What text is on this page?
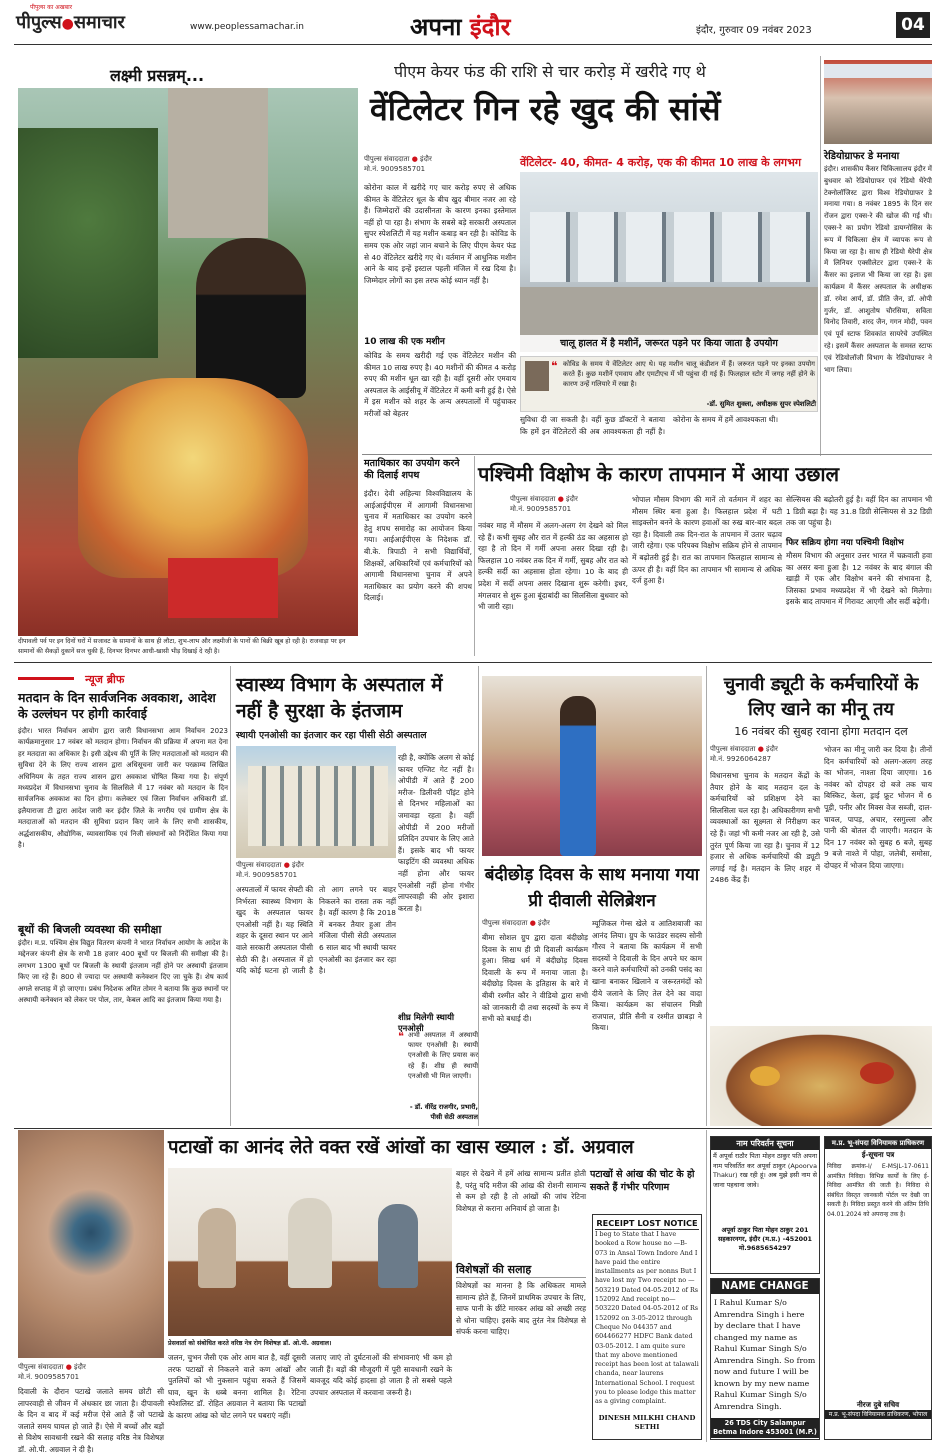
पीपुल्स●समाचार
पीपुल्स का अखबार
www.peoplessamachar.in	अपना इंदौर	इंदौर, गुरुवार 09 नवंबर 2023	04
लक्ष्मी प्रसन्नम्...
दीपावली पर्व पर इन दिनों घरों में सजावट के सामानों के साथ ही लौटा, शुभ-लाभ और लक्ष्मीजी के पानों की बिक्री खूब हो रही है। राजवाड़ा पर इन सामानों की सैकड़ों दुकानें सज चुकी हैं, दिनभर दिनभर आधी-खासी भीड़ दिखाई दे रही है।
पीएम केयर फंड की राशि से चार करोड़ में खरीदे गए थे
वेंटिलेटर गिन रहे खुद की सांसें
पीपुल्स संवाददाता ● इंदौर
मो.नं. 9009585701	वेंटिलेटर- 40, कीमत- 4 करोड़, एक की कीमत 10 लाख के लगभग
कोरोना काल में खरीदे गए चार करोड़ रुपए से अधिक कीमत के वेंटिलेटर धूल के बीच खुद बीमार नजर आ रहे हैं। जिम्मेदारों की उदासीनता के कारण इनका इस्तेमाल नहीं हो पा रहा है। संभाग के सबसे बड़े सरकारी अस्पताल सुपर स्पेशलिटी में यह मशीन कबाड़ बन रही है। कोविड के समय एक ओर जहां जान बचाने के लिए पीएम केयर फंड से 40 वेंटिलेटर खरीदे गए थे। वर्तमान में आधुनिक मशीन आने के बाद इन्हें इस्टाल पहली मंजिल में रख दिया है। जिम्मेदार लोगों का इस तरफ कोई ध्यान नहीं है।
10 लाख की एक मशीन
कोविड के समय खरीदी गई एक वेंटिलेटर मशीन की कीमत 10 लाख रुपए है। 40 मशीनों की कीमत 4 करोड़ रुपए की मशीन धूल खा रही है। वहीं दूसरी ओर एमवाय अस्पताल के आईसीयू में वेंटिलेटर में कमी बनी हुई है। ऐसे में इस मशीन को शहर के अन्य अस्पतालों में पहुंचाकर मरीजों को बेहतर
चालू हालत में है मशीनें, जरूरत पड़ने पर किया जाता है उपयोग
❝ कोविड के समय ये वेंटिलेटर आए थे। यह मशीन चालू कंडीशन में हैं। जरूरत पड़ने पर इनका उपयोग करते हैं। कुछ मशीनें एमवाय और एमटीएच में भी पहुंचा दी गई हैं। फिलहाल स्टोर में जगह नहीं होने के कारण उन्हें गलियारे में रखा है।
-डॉ. सुमित शुक्ला, अधीक्षक सुपर स्पेशलिटी
सुविधा दी जा सकती है। वहीं कुछ डॉक्टरों ने बताया कि हमें इन वेंटिलेटरों की अब आवश्यकता ही नहीं है। कोरोना के समय में हमें आवश्यकता थी।
रेडियोग्राफर डे मनाया
इंदौर। शासकीय कैंसर चिकित्सालय इंदौर में बुधवार को रेडियोग्राफर एवं रेडियो थैरेपी टेक्नोलॉजिस्ट द्वारा विश्व रेडियोग्राफर डे मनाया गया। 8 नवंबर 1895 के दिन सर रोंजन द्वारा एक्स-रे की खोज की गई थी। एक्स-रे का प्रयोग रेडियो डायग्नोसिस के रूप में चिकित्सा क्षेत्र में व्यापक रूप से किया जा रहा है। साथ ही रेडियो थैरेपी क्षेत्र में लिनियर एक्सीलेटर द्वारा एक्स-रे के कैंसर का इलाज भी किया जा रहा है। इस कार्यक्रम में कैंसर अस्पताल के अधीक्षक डॉ. रमेश आर्य, डॉ. प्रीति जैन, डॉ. ओपी गुर्जर, डॉ. आशुतोष चौरसिया, सविता विनोद तिवारी, शरद जैन, गगन मोदी, पवन एवं पूर्व स्टाफ शिवकांत सायरेचे उपस्थित रहे। इसमें कैंसर अस्पताल के समस्त स्टाफ एवं रेडियोलॉजी विभाग के रेडियोग्राफर ने भाग लिया।
मताधिकार का उपयोग करने की दिलाई शपथ
इंदौर। देवी अहिल्या विश्वविद्यालय के आईआईपीएस में आगामी विधानसभा चुनाव में मताधिकार का उपयोग करने हेतु शपथ समारोह का आयोजन किया गया। आईआईपीएस के निदेशक डॉ. बी.के. त्रिपाठी ने सभी विद्यार्थियों, शिक्षकों, अधिकारियों एवं कर्मचारियों को आगामी विधानसभा चुनाव में अपने मताधिकार का प्रयोग करने की शपथ दिलाई।
पश्चिमी विक्षोभ के कारण तापमान में आया उछाल
पीपुल्स संवाददाता ● इंदौर
मो.नं. 9009585701
नवंबर माह में मौसम में अलग-अलग रंग देखने को मिल रहे हैं। कभी सुबह और रात में हल्की ठंड का अहसास हो रहा है तो दिन में गर्मी अपना असर दिखा रही है। फिलहाल 10 नवंबर तक दिन में गर्मी, सुबह और रात को हल्की सर्दी का अहसास होता रहेगा। 10 के बाद ही प्रदेश में सर्दी अपना असर दिखाना शुरू करेगी। इधर, मंगलवार से शुरू हुआ बूंदाबांदी का सिलसिला बुधवार को भी जारी रहा।
भोपाल मौसम विभाग की मानें तो वर्तमान में शहर का मौसम स्थिर बना हुआ है। फिलहाल प्रदेश में घटी साइक्लोन बनने के कारण हवाओं का रुख बार-बार बदल रहा है। दिवाली तक दिन-रात के तापमान में उतार चढ़ाव जारी रहेगा। एक परिपक्व विक्षोभ सक्रिय होने से तापमान में बढ़ोतरी हुई है। रात का तापमान फिलहाल सामान्य से ऊपर ही है। वहीं दिन का तापमान भी सामान्य से अधिक दर्ज हुआ है।
सेल्सियस की बढ़ोतरी हुई है। वहीं दिन का तापमान भी 1 डिग्री बढ़ा है। यह 31.8 डिग्री सेल्सियस से 32 डिग्री तक जा पहुंचा है।
फिर सक्रिय होगा नया पश्चिमी विक्षोभ
मौसम विभाग की अनुसार उत्तर भारत में चक्रवाती हवा का असर बना हुआ है। 12 नवंबर के बाद बंगाल की खाड़ी में एक और विक्षोभ बनने की संभावना है, जिसका प्रभाव मध्यप्रदेश में भी देखने को मिलेगा। इसके बाद तापमान में गिरावट आएगी और सर्दी बढ़ेगी।
न्यूज ब्रीफ
मतदान के दिन सार्वजनिक अवकाश, आदेश के उल्लंघन पर होगी कार्रवाई
इंदौर। भारत निर्वाचन आयोग द्वारा जारी विधानसभा आम निर्वाचन 2023 कार्यक्रमानुसार 17 नवंबर को मतदान होगा। निर्वाचन की प्रक्रिया में अपना मत देना हर मतदाता का अधिकार है। इसी उद्देश्य की पूर्ति के लिए मतदाताओं को मतदान की सुविधा देने के लिए राज्य शासन द्वारा अधिसूचना जारी कर परक्राम्य लिखित अधिनियम के तहत राज्य शासन द्वारा अवकाश घोषित किया गया है। संपूर्ण मध्यप्रदेश में विधानसभा चुनाव के सिलसिले में 17 नवंबर को मतदान के दिन सार्वजनिक अवकाश का दिन होगा। कलेक्टर एवं जिला निर्वाचन अधिकारी डॉ. इलैयाराजा टी द्वारा आदेश जारी कर इंदौर जिले के नगरीय एवं ग्रामीण क्षेत्र के मतदाताओं को मतदान की सुविधा प्रदान किए जाने के लिए सभी शासकीय, अर्द्धशासकीय, औद्योगिक, व्यावसायिक एवं निजी संस्थानों को निर्देशित किया गया है।
बूथों की बिजली व्यवस्था की समीक्षा
इंदौर। म.प्र. पश्चिम क्षेत्र विद्युत वितरण कंपनी ने भारत निर्वाचन आयोग के आदेश के मद्देनजर कंपनी क्षेत्र के सभी 18 हजार 400 बूथों पर बिजली की समीक्षा की है। लगभग 1300 बूथों पर बिजली के स्थायी इंतजाम नहीं होने पर अस्थायी इंतजाम किए जा रहे हैं। 800 से ज्यादा पर अस्थायी कनेक्शन दिए जा चुके हैं। शेष कार्य अगले सप्ताह में हो जाएगा। प्रबंध निदेशक अमित तोमर ने बताया कि कुछ स्थानों पर अस्थायी कनेक्शन को लेकर पर पोल, तार, केबल आदि का इंतजाम किया गया है।
स्वास्थ्य विभाग के अस्पताल में नहीं है सुरक्षा के इंतजाम
स्थायी एनओसी का इंतजार कर रहा पीसी सेठी अस्पताल
पीपुल्स संवाददाता ● इंदौर
मो.नं. 9009585701
अस्पतालों में फायर सेफ्टी की निर्भरता स्वास्थ्य विभाग के खुद के अस्पताल फायर एनओसी नहीं है। यह स्थिति शहर के दूसरा स्थान पर आने वाले सरकारी अस्पताल पीसी सेठी की है। अस्पताल में हो यदि कोई घटना हो जाती है तो आग लगने पर बाहर निकलने का रास्ता तक नहीं है। वहीं कारण है कि 2018 में बनकर तैयार हुआ तीन मंजिला पीसी सेठी अस्पताल 6 साल बाद भी स्थायी फायर एनओसी का इंतजार कर रहा है।
रही है, क्योंकि अलग से कोई फायर एग्जिट गेट नहीं है। ओपीडी में आते हैं 200 मरीज- डिलीवरी पॉइंट होने से दिनभर महिलाओं का जमावड़ा रहता है। वहीं ओपीडी में 200 मरीजों प्रतिदिन उपचार के लिए आते हैं। इसके बाद भी फायर फाइटिंग की व्यवस्था अधिक नहीं होना और फायर एनओसी नहीं होना गंभीर लापरवाही की ओर इशारा करता है।
शीघ्र मिलेगी स्थायी एनओसी
❝ अभी अस्पताल में अस्थायी फायर एनओसी है। स्थायी एनओसी के लिए प्रयास कर रहे हैं। शीघ्र ही स्थायी एनओसी भी मिल जाएगी।
- डॉ. वीरेंद्र राजगीर, प्रभारी, पीसी सेठी अस्पताल
बंदीछोड़ दिवस के साथ मनाया गया प्री दीवाली सेलिब्रेशन
पीपुल्स संवाददाता ● इंदौर
बीमा सोशल ग्रुप द्वारा दाता बंदीछोड़ दिवस के साथ ही प्री दिवाली कार्यक्रम हुआ। सिख धर्म में बंदीछोड़ दिवस दिवाली के रूप में मनाया जाता है। बंदीछोड़ दिवस के इतिहास के बारे में बीबी रश्मीत कौर ने वीडियो द्वारा सभी को जानकारी दी तथा सदस्यों के रूप में सभी को बधाई दी।
म्यूजिकल गेम्स खेले व आतिशबाजी का आनंद लिया। ग्रुप के फाउंडर सदस्य सोनी गौरव ने बताया कि कार्यक्रम में सभी सदस्यों ने दिवाली के दिन अपने घर काम करने वाले कर्मचारियों को उनकी पसंद का खाना बनाकर खिलाने व जरूरतमंदों को दीये जलाने के लिए तेल देने का वादा किया। कार्यक्रम का संचालन मिन्नी राजपाल, प्रीति सैनी व रश्मीत छाबड़ा ने किया।
चुनावी ड्यूटी के कर्मचारियों के लिए खाने का मीनू तय
16 नवंबर की सुबह रवाना होगा मतदान दल
पीपुल्स संवाददाता ● इंदौर
मो.नं. 9926064287
विधानसभा चुनाव के मतदान केंद्रों के तैयार होने के बाद मतदान दल के कर्मचारियों को प्रशिक्षण देने का सिलसिला चल रहा है। अधिकारीगण सभी व्यवस्थाओं का सूक्ष्मता से निरीक्षण कर रहे हैं। जहां भी कमी नजर आ रही है, उसे तुरंत पूर्ण किया जा रहा है। चुनाव में 12 हजार से अधिक कर्मचारियों की ड्यूटी लगाई गई है। मतदान के लिए शहर में 2486 केंद्र हैं।
भोजन का मीनू जारी कर दिया है। तीनों दिन कर्मचारियों को अलग-अलग तरह का भोजन, नाश्ता दिया जाएगा। 16 नवंबर को दोपहर दो बजे तक चाय बिस्किट, केला, ड्राई फ्रूट भोजन में 6 पूड़ी, पनीर और मिक्स वेज सब्जी, दाल-चावल, पापड़, अचार, रसगुल्ला और पानी की बोतल दी जाएगी। मतदान के दिन 17 नवंबर को सुबह 6 बजे, सुबह 9 बजे नाश्ते में पोहा, जलेबी, समोसा, दोपहर में भोजन दिया जाएगा।
पटाखों का आनंद लेते वक्त रखें आंखों का खास ख्याल : डॉ. अग्रवाल
पीपुल्स संवाददाता ● इंदौर
मो.नं. 9009585701
प्रेसवार्ता को संबोधित करते वरिष्ठ नेत्र रोग विशेषज्ञ डॉ. ओ.पी. अग्रवाल।
दिवाली के दौरान पटाखे जलाते समय छोटी सी लापरवाही से जीवन में अंधकार छा जाता है। दीपावली के दिन व बाद में कई मरीज ऐसे आते हैं जो पटाखे जलाते समय घायल हो जाते हैं। ऐसे में बच्चों और बड़ों से विशेष सावधानी रखने की सलाह वरिष्ठ नेत्र विशेषज्ञ डॉ. ओ.पी. अग्रवाल ने दी है।
जलन, चुभन जैसी एक ओर आम बात है, वहीं दूसरी तरफ पटाखों से निकलने वाले कण आंखों और पुतलियों को भी नुकसान पहुंचा सकते हैं जिसमें घाव, खून के धब्बे बनना शामिल है। रेटिना स्पेशलिस्ट डॉ. रोहित अग्रवाल ने बताया कि पटाखों के कारण आंख को चोट लगने पर घबराएं नहीं।
जलाए जाएं तो दुर्घटनाओं की संभावनाएं भी कम हो जाती हैं। बड़ों की मौजूदगी में पूरी सावधानी रखने के बावजूद यदि कोई हादसा हो जाता है तो सबसे पहले उपचार अस्पताल में करवाना जरूरी है।
बाहर से देखने में हमें आंख सामान्य प्रतीत होती है, परंतु यदि मरीज की आंख की रोशनी सामान्य से कम हो रही है तो आंखों की जांच रेटिना विशेषज्ञ से कराना अनिवार्य हो जाता है।
पटाखों से आंख की चोट के हो सकते हैं गंभीर परिणाम
विशेषज्ञों की सलाह
विशेषज्ञों का मानना है कि अधिकतर मामले सामान्य होते हैं, जिनमें प्राथमिक उपचार के लिए, साफ पानी के छींटे मारकर आंख को अच्छी तरह से धोना चाहिए। इसके बाद तुरंत नेत्र विशेषज्ञ से संपर्क करना चाहिए।
RECEIPT LOST NOTICE
I beg to State that I have booked a Row house no —B-073 in Ansal Town Indore And I have paid the entire installments as per nonns But I have lost my Two receipt no —503219 Dated 04-05-2012 of Rs 152092 And receipt no—503220 Dated 04-05-2012 of Rs 152092 on 3-05-2012 through Cheque No 044357 and 604466277 HDFC Bank dated 03-05-2012. I am quite sure that my above mentioned receipt has been lost at talawali chanda, near laurens International School. I request you to please lodge this matter as a giving complaint.
DINESH MILKHI CHAND SETHI
नाम परिवर्तन सूचना
मैं अपूर्वा राठौर पिता मोहन ठाकुर पति अपना नाम परिवर्तित कर अपूर्वा ठाकुर (Apoorva Thakur) रख रही हूं। अब मुझे इसी नाम से जाना पहचाना जावे।
अपूर्वा ठाकुर पिता मोहन ठाकुर 201 सहकारनगर, इंदौर (म.प्र.) -452001 मो.9685654297
NAME CHANGE
I Rahul Kumar S/o Amrendra Singh i here by declare that I have changed my name as Rahul Kumar Singh S/o Amrendra Singh. So from now and future I will be known by my new name Rahul Kumar Singh S/o Amrendra Singh.
26 TDS City Salampur Betma Indore 453001 (M.P.)
म.प्र. भू-संपदा विनियामक प्राधिकरण
ई-सूचना पत्र
निविदा क्रमांक-I/ E-MSJL-17-0611 आमंत्रित निविदा। विभिन्न कार्यों के लिए ई-निविदा आमंत्रित की जाती है। निविदा से संबंधित विस्तृत जानकारी पोर्टल पर देखी जा सकती है। निविदा प्रस्तुत करने की अंतिम तिथि 04.01.2024 को अपरान्ह तक है।
नीरज दुबे सचिव
म.प्र. भू-संपदा विनियामक प्राधिकरण, भोपाल
